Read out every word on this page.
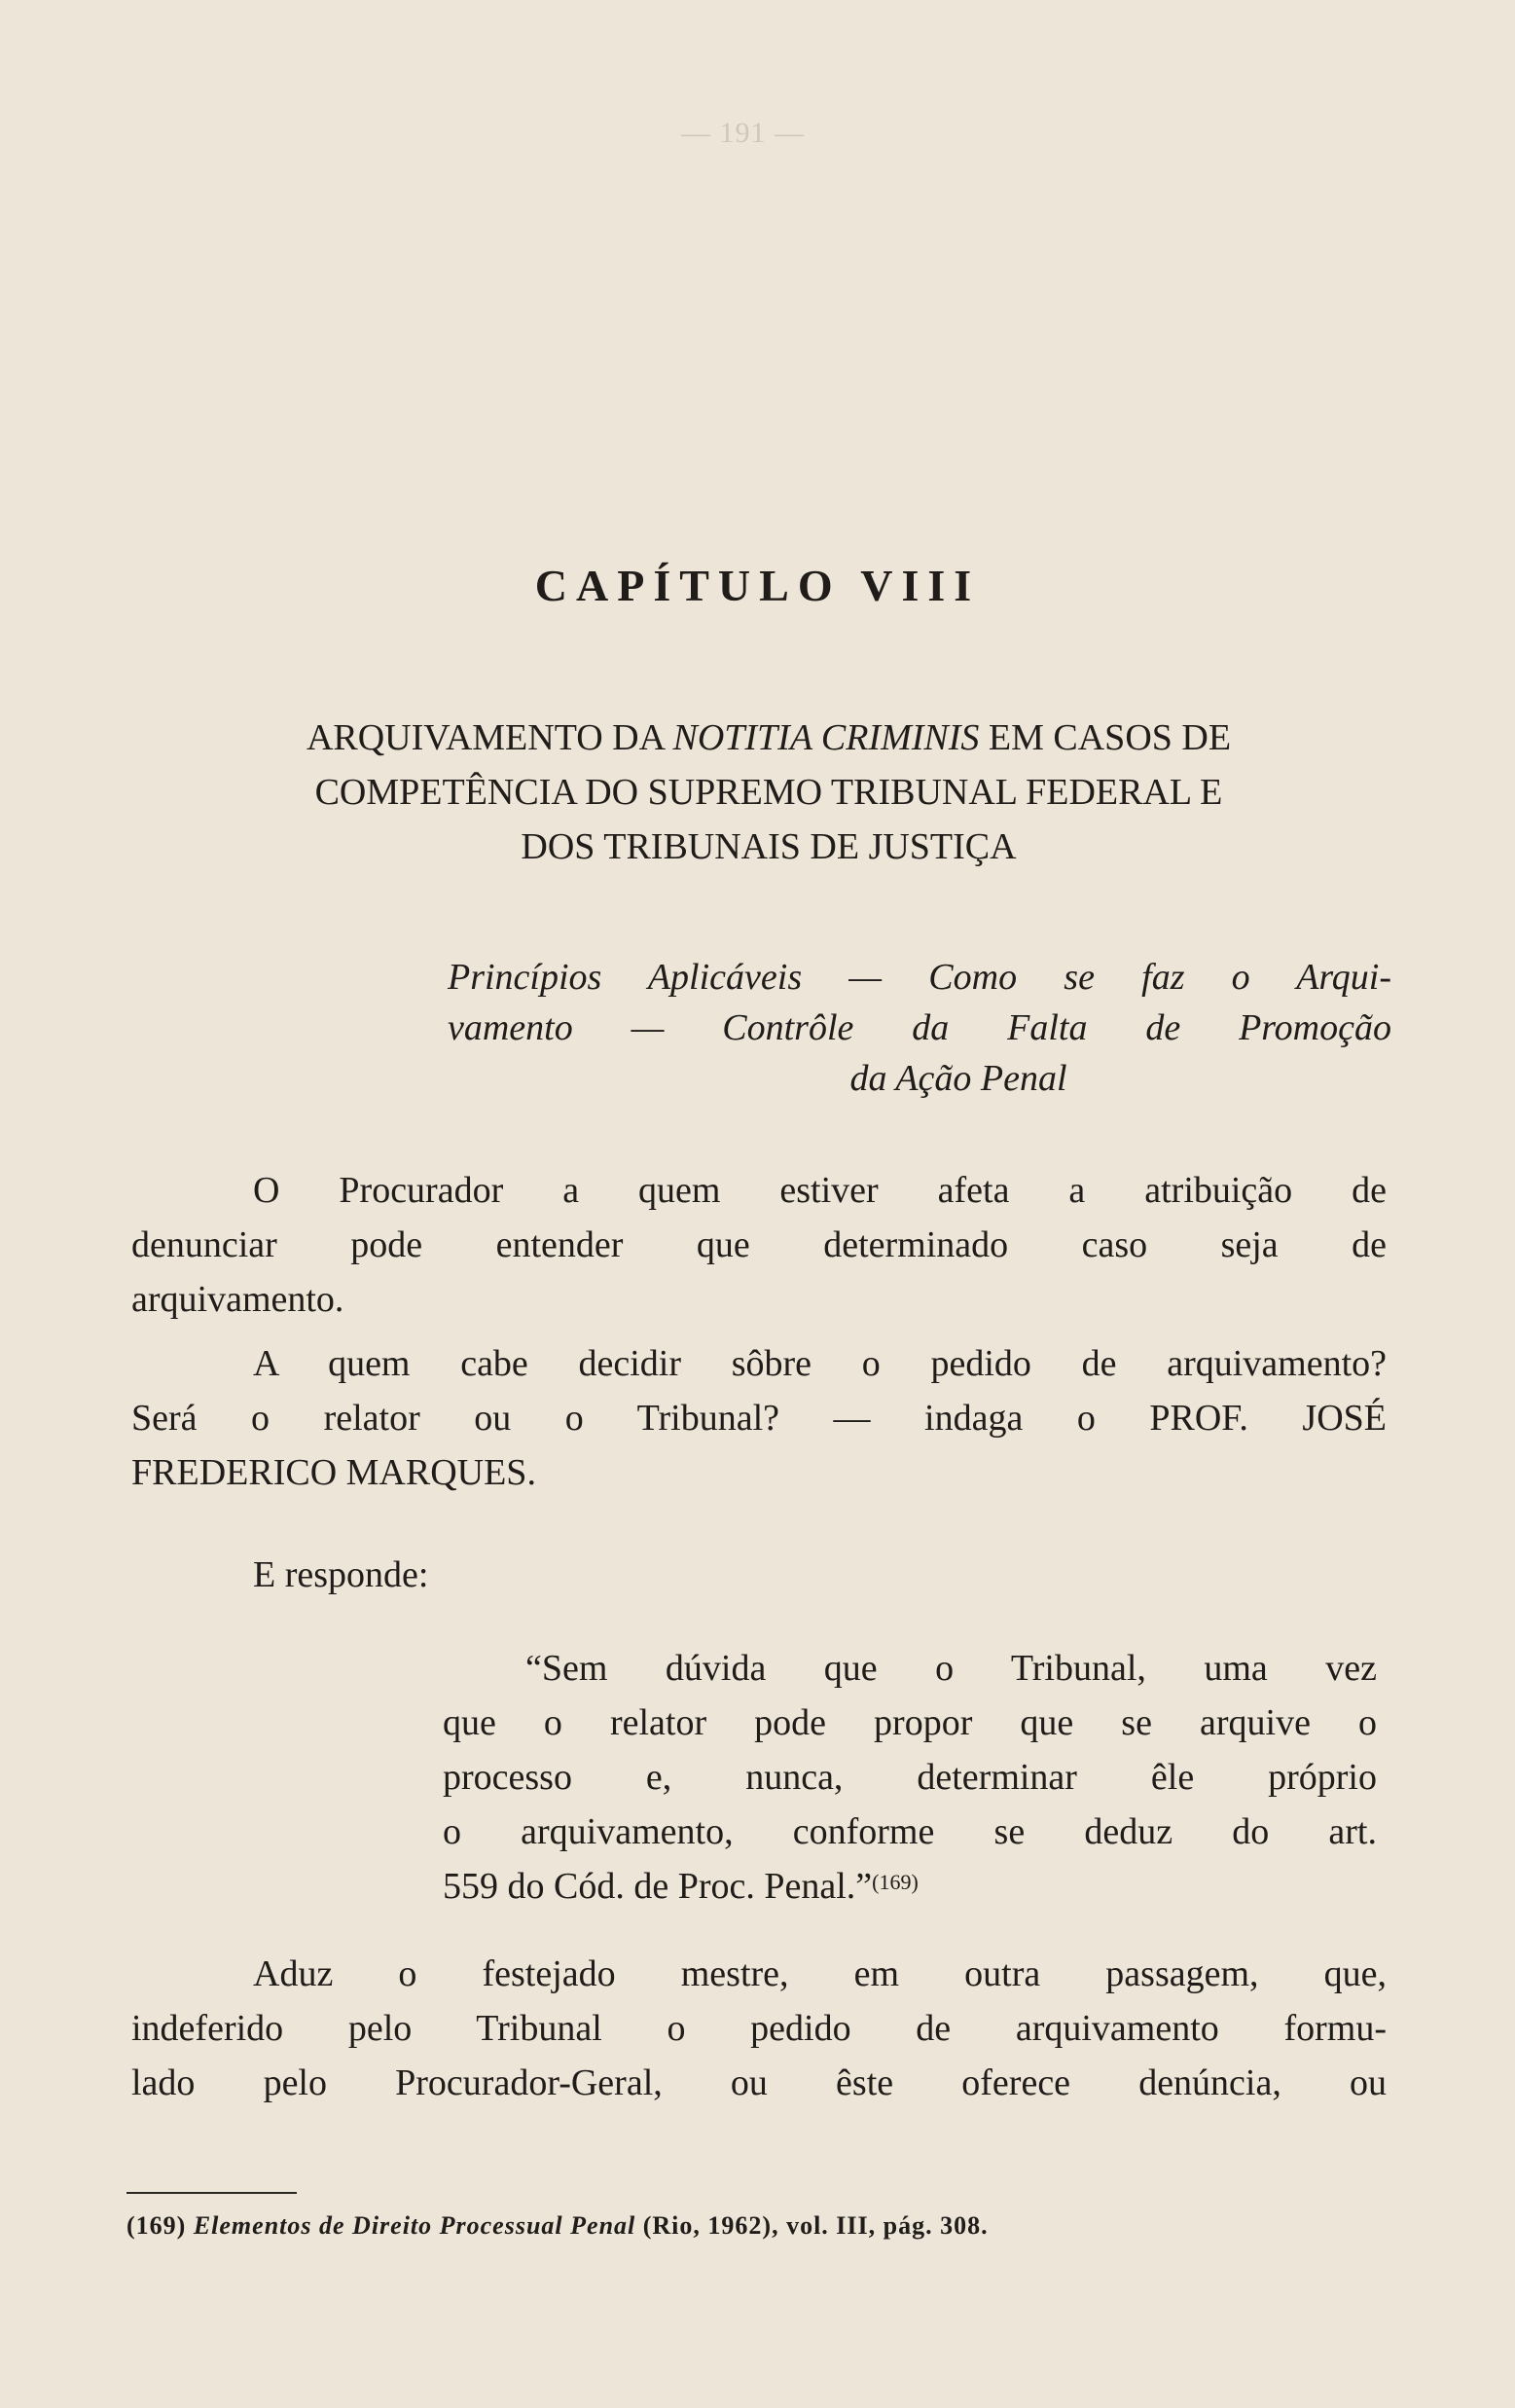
— 191 —
CAPÍTULO VIII
ARQUIVAMENTO DA NOTITIA CRIMINIS EM CASOS DE
COMPETÊNCIA DO SUPREMO TRIBUNAL FEDERAL E
DOS TRIBUNAIS DE JUSTIÇA
Princípios Aplicáveis — Como se faz o Arqui-
vamento — Contrôle da Falta de Promoção
da Ação Penal
O Procurador a quem estiver afeta a atribuição de
denunciar pode entender que determinado caso seja de
arquivamento.
A quem cabe decidir sôbre o pedido de arquivamento?
Será o relator ou o Tribunal? — indaga o PROF. JOSÉ
FREDERICO MARQUES.
E responde:
“Sem dúvida que o Tribunal, uma vez
que o relator pode propor que se arquive o
processo e, nunca, determinar êle próprio
o arquivamento, conforme se deduz do art.
559 do Cód. de Proc. Penal.”$^{(169)}$
Aduz o festejado mestre, em outra passagem, que,
indeferido pelo Tribunal o pedido de arquivamento formu-
lado pelo Procurador-Geral, ou êste oferece denúncia, ou
(169) Elementos de Direito Processual Penal (Rio, 1962), vol. III, pág. 308.
